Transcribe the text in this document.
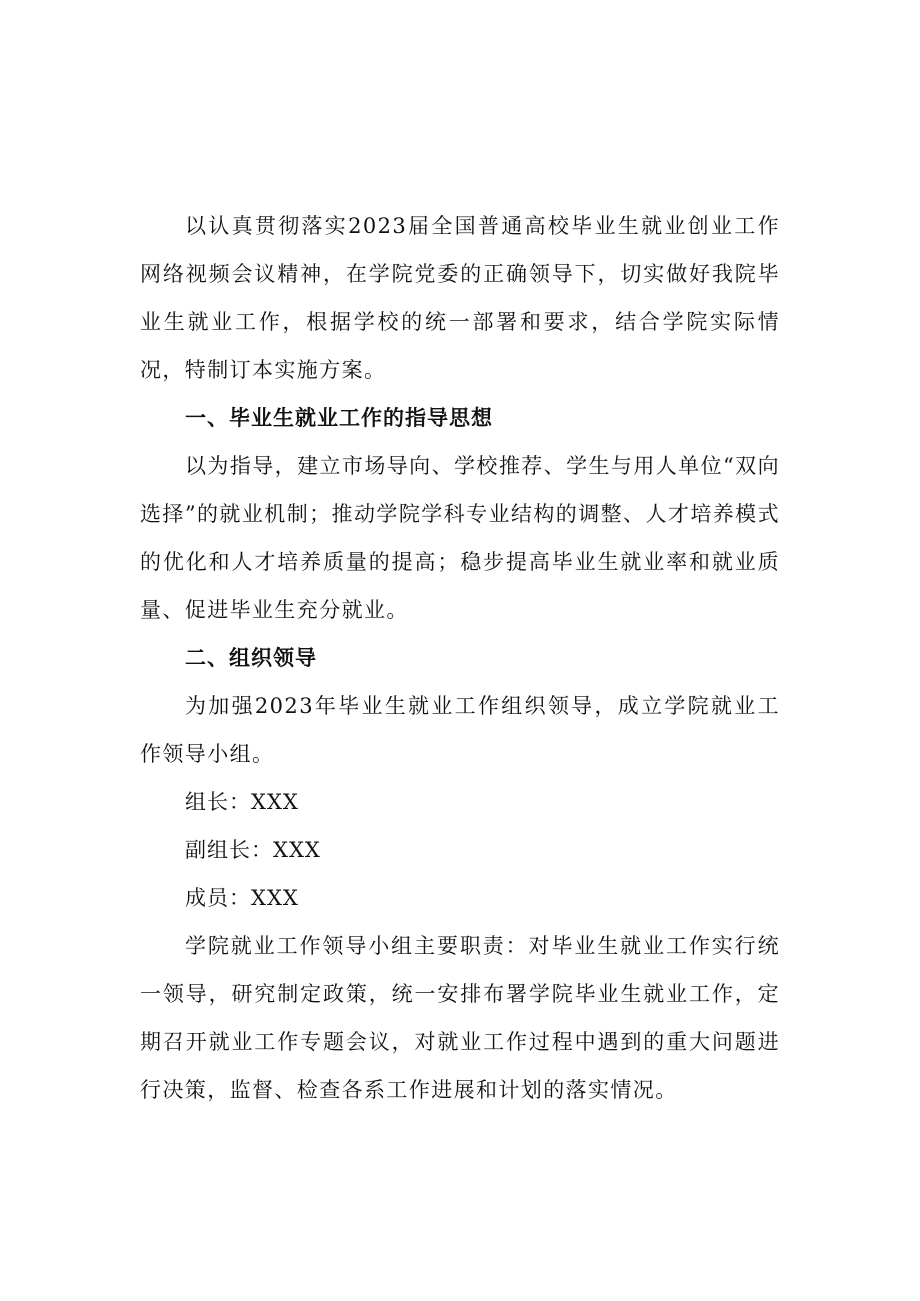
以认真贯彻落实2023届全国普通高校毕业生就业创业工作网络视频会议精神，在学院党委的正确领导下，切实做好我院毕业生就业工作，根据学校的统一部署和要求，结合学院实际情况，特制订本实施方案。

一、毕业生就业工作的指导思想

以为指导，建立市场导向、学校推荐、学生与用人单位“双向选择”的就业机制；推动学院学科专业结构的调整、人才培养模式的优化和人才培养质量的提高；稳步提高毕业生就业率和就业质量、促进毕业生充分就业。

二、组织领导

为加强2023年毕业生就业工作组织领导，成立学院就业工作领导小组。

组长：XXX

副组长：XXX

成员：XXX

学院就业工作领导小组主要职责：对毕业生就业工作实行统一领导，研究制定政策，统一安排布署学院毕业生就业工作，定期召开就业工作专题会议，对就业工作过程中遇到的重大问题进行决策，监督、检查各系工作进展和计划的落实情况。
